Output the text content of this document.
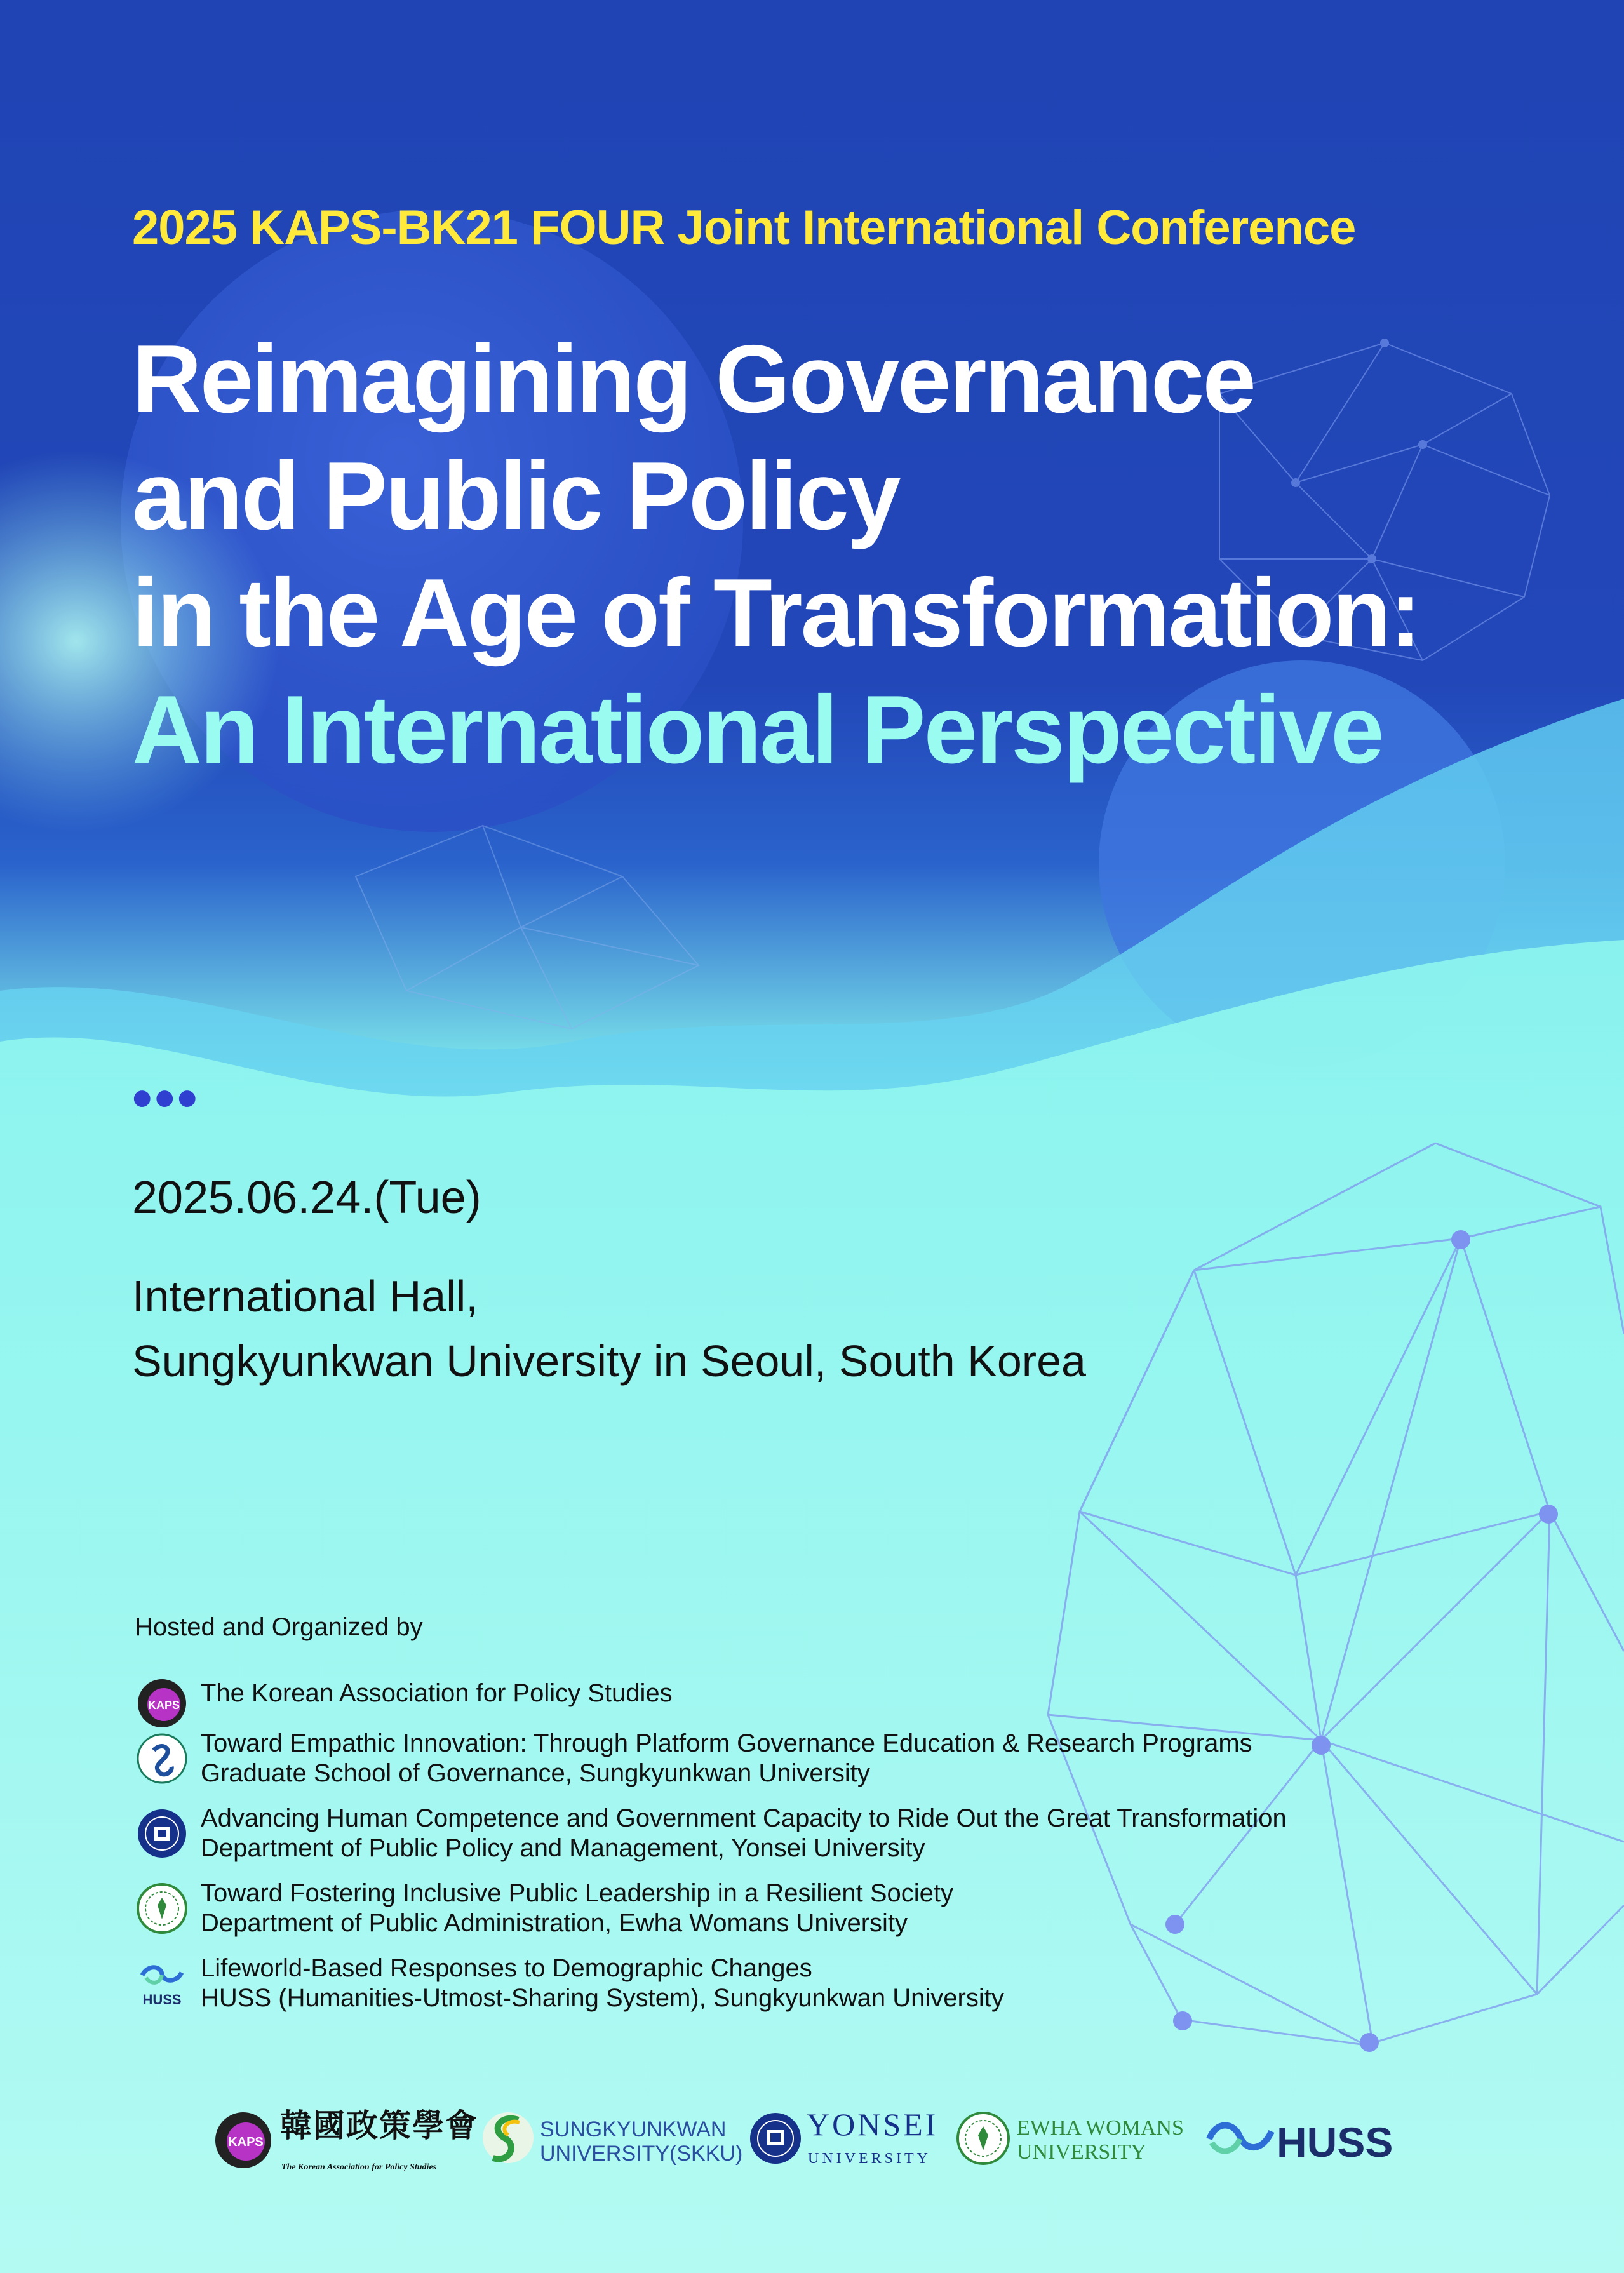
2025 KAPS-BK21 FOUR Joint International Conference
Reimagining Governance
and Public Policy
in the Age of Transformation:
An International Perspective
•••
2025.06.24.(Tue)
International Hall,
Sungkyunkwan University in Seoul, South Korea
Hosted and Organized by
KAPS The Korean Association for Policy Studies
Toward Empathic Innovation: Through Platform Governance Education & Research Programs
Graduate School of Governance, Sungkyunkwan University
Advancing Human Competence and Government Capacity to Ride Out the Great Transformation
Department of Public Policy and Management, Yonsei University
Toward Fostering Inclusive Public Leadership in a Resilient Society
Department of Public Administration, Ewha Womans University
HUSS
Lifeworld-Based Responses to Demographic Changes
HUSS (Humanities-Utmost-Sharing System), Sungkyunkwan University
KAPS 韓國政策學會
The Korean Association for Policy Studies
SUNGKYUNKWAN
UNIVERSITY(SKKU)
YONSEI
UNIVERSITY
EWHA WOMANS
UNIVERSITY	HUSS
